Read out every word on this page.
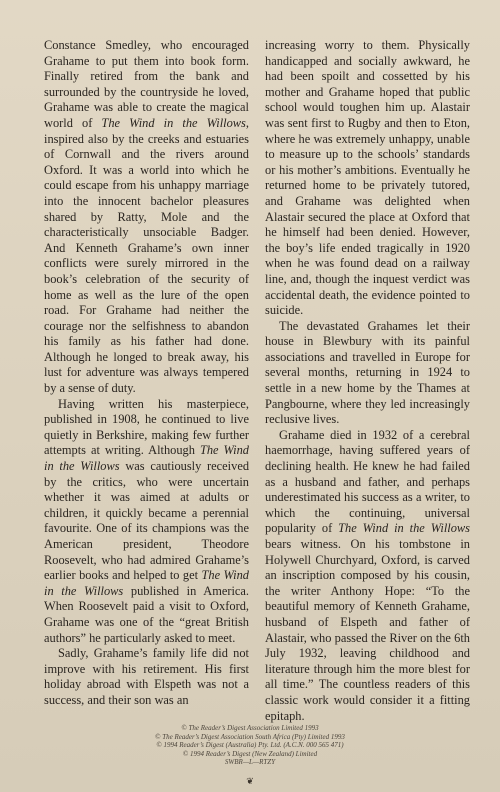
Constance Smedley, who encouraged Grahame to put them into book form. Finally retired from the bank and surrounded by the countryside he loved, Grahame was able to create the magical world of The Wind in the Willows, inspired also by the creeks and estuaries of Cornwall and the rivers around Oxford. It was a world into which he could escape from his unhappy marriage into the innocent bachelor pleasures shared by Ratty, Mole and the characteristically unsociable Badger. And Kenneth Grahame’s own inner conflicts were surely mirrored in the book’s celebration of the security of home as well as the lure of the open road. For Grahame had neither the courage nor the selfishness to abandon his family as his father had done. Although he longed to break away, his lust for adventure was always tempered by a sense of duty.

Having written his masterpiece, published in 1908, he continued to live quietly in Berkshire, making few further attempts at writing. Although The Wind in the Willows was cautiously received by the critics, who were uncertain whether it was aimed at adults or children, it quickly became a perennial favourite. One of its champions was the American president, Theodore Roosevelt, who had admired Grahame’s earlier books and helped to get The Wind in the Willows published in America. When Roosevelt paid a visit to Oxford, Grahame was one of the “great British authors” he particularly asked to meet.

Sadly, Grahame’s family life did not improve with his retirement. His first holiday abroad with Elspeth was not a success, and their son was an

increasing worry to them. Physically handicapped and socially awkward, he had been spoilt and cossetted by his mother and Grahame hoped that public school would toughen him up. Alastair was sent first to Rugby and then to Eton, where he was extremely unhappy, unable to measure up to the schools’ standards or his mother’s ambitions. Eventually he returned home to be privately tutored, and Grahame was delighted when Alastair secured the place at Oxford that he himself had been denied. However, the boy’s life ended tragically in 1920 when he was found dead on a railway line, and, though the inquest verdict was accidental death, the evidence pointed to suicide.

The devastated Grahames let their house in Blewbury with its painful associations and travelled in Europe for several months, returning in 1924 to settle in a new home by the Thames at Pangbourne, where they led increasingly reclusive lives.

Grahame died in 1932 of a cerebral haemorrhage, having suffered years of declining health. He knew he had failed as a husband and father, and perhaps underestimated his success as a writer, to which the continuing, universal popularity of The Wind in the Willows bears witness. On his tombstone in Holywell Churchyard, Oxford, is carved an inscription composed by his cousin, the writer Anthony Hope: “To the beautiful memory of Kenneth Grahame, husband of Elspeth and father of Alastair, who passed the River on the 6th July 1932, leaving childhood and literature through him the more blest for all time.” The countless readers of this classic work would consider it a fitting epitaph.

© The Reader’s Digest Association Limited 1993
© The Reader’s Digest Association South Africa (Pty) Limited 1993
© 1994 Reader’s Digest (Australia) Pty. Ltd. (A.C.N. 000 565 471)
© 1994 Reader’s Digest (New Zealand) Limited
SWBR—L—RTZY
❦
